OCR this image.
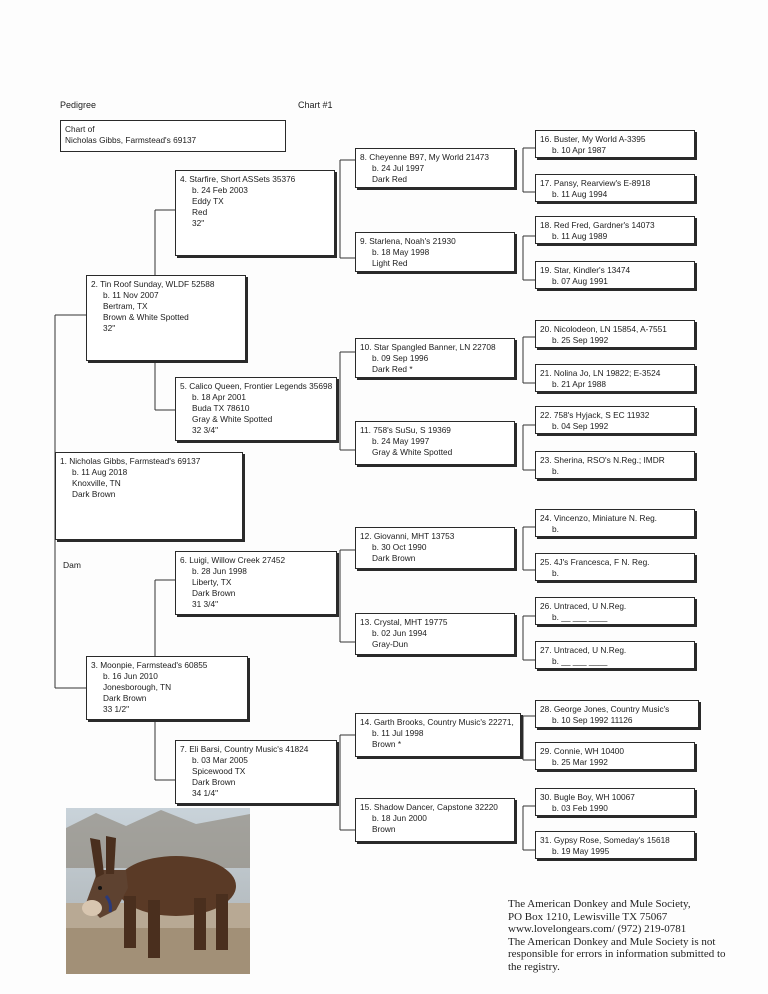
Pedigree	Chart #1
Chart of
Nicholas Gibbs, Farmstead's 69137
1. Nicholas Gibbs, Farmstead's 69137
b. 11 Aug 2018
Knoxville, TN
Dark Brown
2. Tin Roof Sunday, WLDF 52588
b. 11 Nov 2007
Bertram, TX
Brown & White Spotted
32"
3. Moonpie, Farmstead's 60855
b. 16 Jun 2010
Jonesborough, TN
Dark Brown
33 1/2"
4. Starfire, Short ASSets 35376
b. 24 Feb 2003
Eddy TX
Red
32"
5. Calico Queen, Frontier Legends 35698
b. 18 Apr 2001
Buda TX 78610
Gray & White Spotted
32 3/4"
6. Luigi, Willow Creek 27452
b. 28 Jun 1998
Liberty, TX
Dark Brown
31 3/4"
7. Eli Barsi, Country Music's 41824
b. 03 Mar 2005
Spicewood TX
Dark Brown
34 1/4"
8. Cheyenne B97, My World 21473
b. 24 Jul 1997
Dark Red
9. Starlena, Noah's 21930
b. 18 May 1998
Light Red
10. Star Spangled Banner, LN 22708
b. 09 Sep 1996
Dark Red *
11. 758's SuSu, S 19369
b. 24 May 1997
Gray & White Spotted
12. Giovanni, MHT 13753
b. 30 Oct 1990
Dark Brown
13. Crystal, MHT 19775
b. 02 Jun 1994
Gray-Dun
14. Garth Brooks, Country Music's 22271,
b. 11 Jul 1998
Brown *
15. Shadow Dancer, Capstone 32220
b. 18 Jun 2000
Brown
16. Buster, My World A-3395
b. 10 Apr 1987
17. Pansy, Rearview's E-8918
b. 11 Aug 1994
18. Red Fred, Gardner's 14073
b. 11 Aug 1989
19. Star, Kindler's 13474
b. 07 Aug 1991
20. Nicolodeon, LN 15854, A-7551
b. 25 Sep 1992
21. Nolina Jo, LN 19822; E-3524
b. 21 Apr 1988
22. 758's Hyjack, S EC 11932
b. 04 Sep 1992
23. Sherina, RSO's N.Reg.; IMDR
b.
24. Vincenzo, Miniature N. Reg.
b.
25. 4J's Francesca, F N. Reg.
b.
26. Untraced, U N.Reg.
b. __ ___ ____
27. Untraced, U N.Reg.
b. __ ___ ____
28. George Jones, Country Music's
b. 10 Sep 1992 11126
29. Connie, WH 10400
b. 25 Mar 1992
30. Bugle Boy, WH 10067
b. 03 Feb 1990
31. Gypsy Rose, Someday's 15618
b. 19 May 1995
Dam
The American Donkey and Mule Society,
PO Box 1210, Lewisville TX 75067
www.lovelongears.com/ (972) 219-0781
The American Donkey and Mule Society is not
responsible for errors in information submitted to
the registry.
